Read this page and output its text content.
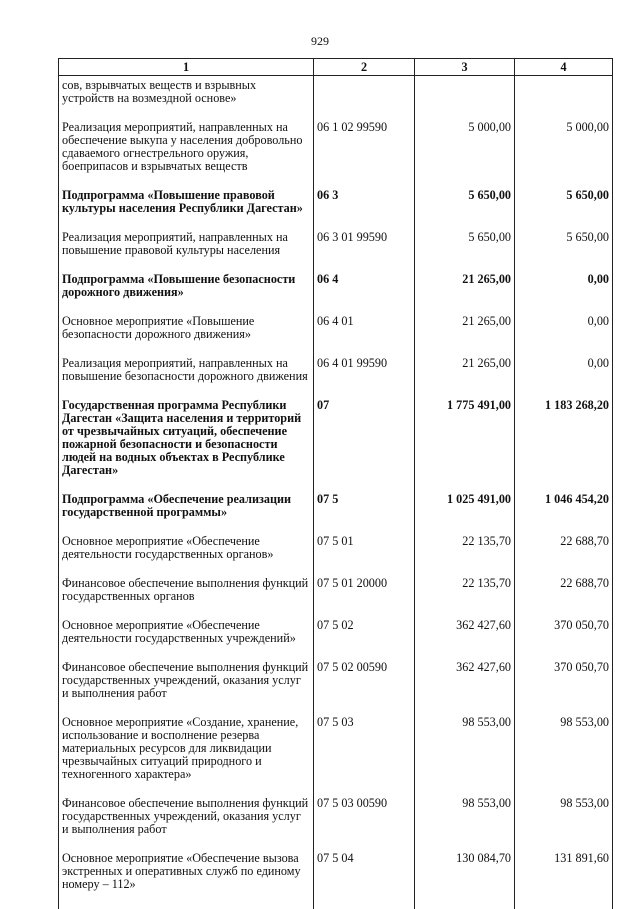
929
1	2	3	4
сов, взрывчатых веществ и взрывных устройств на возмездной основе»			
Реализация мероприятий, направленных на обеспечение выкупа у населения добровольно сдаваемого огнестрельного оружия, боеприпасов и взрывчатых веществ	06 1 02 99590	5 000,00	5 000,00
Подпрограмма «Повышение правовой культуры населения Республики Дагестан»	06 3	5 650,00	5 650,00
Реализация мероприятий, направленных на повышение правовой культуры населения	06 3 01 99590	5 650,00	5 650,00
Подпрограмма «Повышение безопасности дорожного движения»	06 4	21 265,00	0,00
Основное мероприятие «Повышение безопасности дорожного движения»	06 4 01	21 265,00	0,00
Реализация мероприятий, направленных на повышение безопасности дорожного движения	06 4 01 99590	21 265,00	0,00
Государственная программа Республики Дагестан «Защита населения и территорий от чрезвычайных ситуаций, обеспечение пожарной безопасности и безопасности людей на водных объектах в Республике Дагестан»	07	1 775 491,00	1 183 268,20
Подпрограмма «Обеспечение реализации государственной программы»	07 5	1 025 491,00	1 046 454,20
Основное мероприятие «Обеспечение деятельности государственных органов»	07 5 01	22 135,70	22 688,70
Финансовое обеспечение выполнения функций государственных органов	07 5 01 20000	22 135,70	22 688,70
Основное мероприятие «Обеспечение деятельности государственных учреждений»	07 5 02	362 427,60	370 050,70
Финансовое обеспечение выполнения функций государственных учреждений, оказания услуг и выполнения работ	07 5 02 00590	362 427,60	370 050,70
Основное мероприятие «Создание, хранение, использование и восполнение резерва материальных ресурсов для ликвидации чрезвычайных ситуаций природного и техногенного характера»	07 5 03	98 553,00	98 553,00
Финансовое обеспечение выполнения функций государственных учреждений, оказания услуг и выполнения работ	07 5 03 00590	98 553,00	98 553,00
Основное мероприятие «Обеспечение вызова экстренных и оперативных служб по единому номеру – 112»	07 5 04	130 084,70	131 891,60
